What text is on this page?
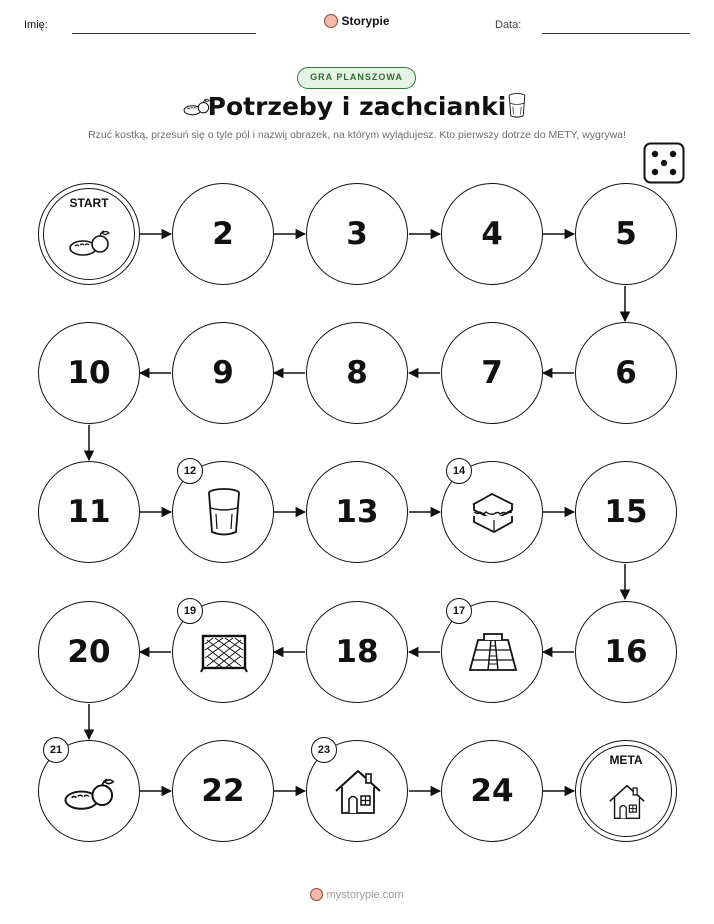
Imię:	Storypie	Data:
GRA PLANSZOWA
Potrzeby i zachcianki
Rzuć kostką, przesuń się o tyle pól i nazwij obrazek, na którym wylądujesz. Kto pierwszy dotrze do METY, wygrywa!
START
2	3	4	5
10	9	8	7	6
11
12
13
14
15
20
19
18
17
16
21
22
23
24
META
mystorypie.com
